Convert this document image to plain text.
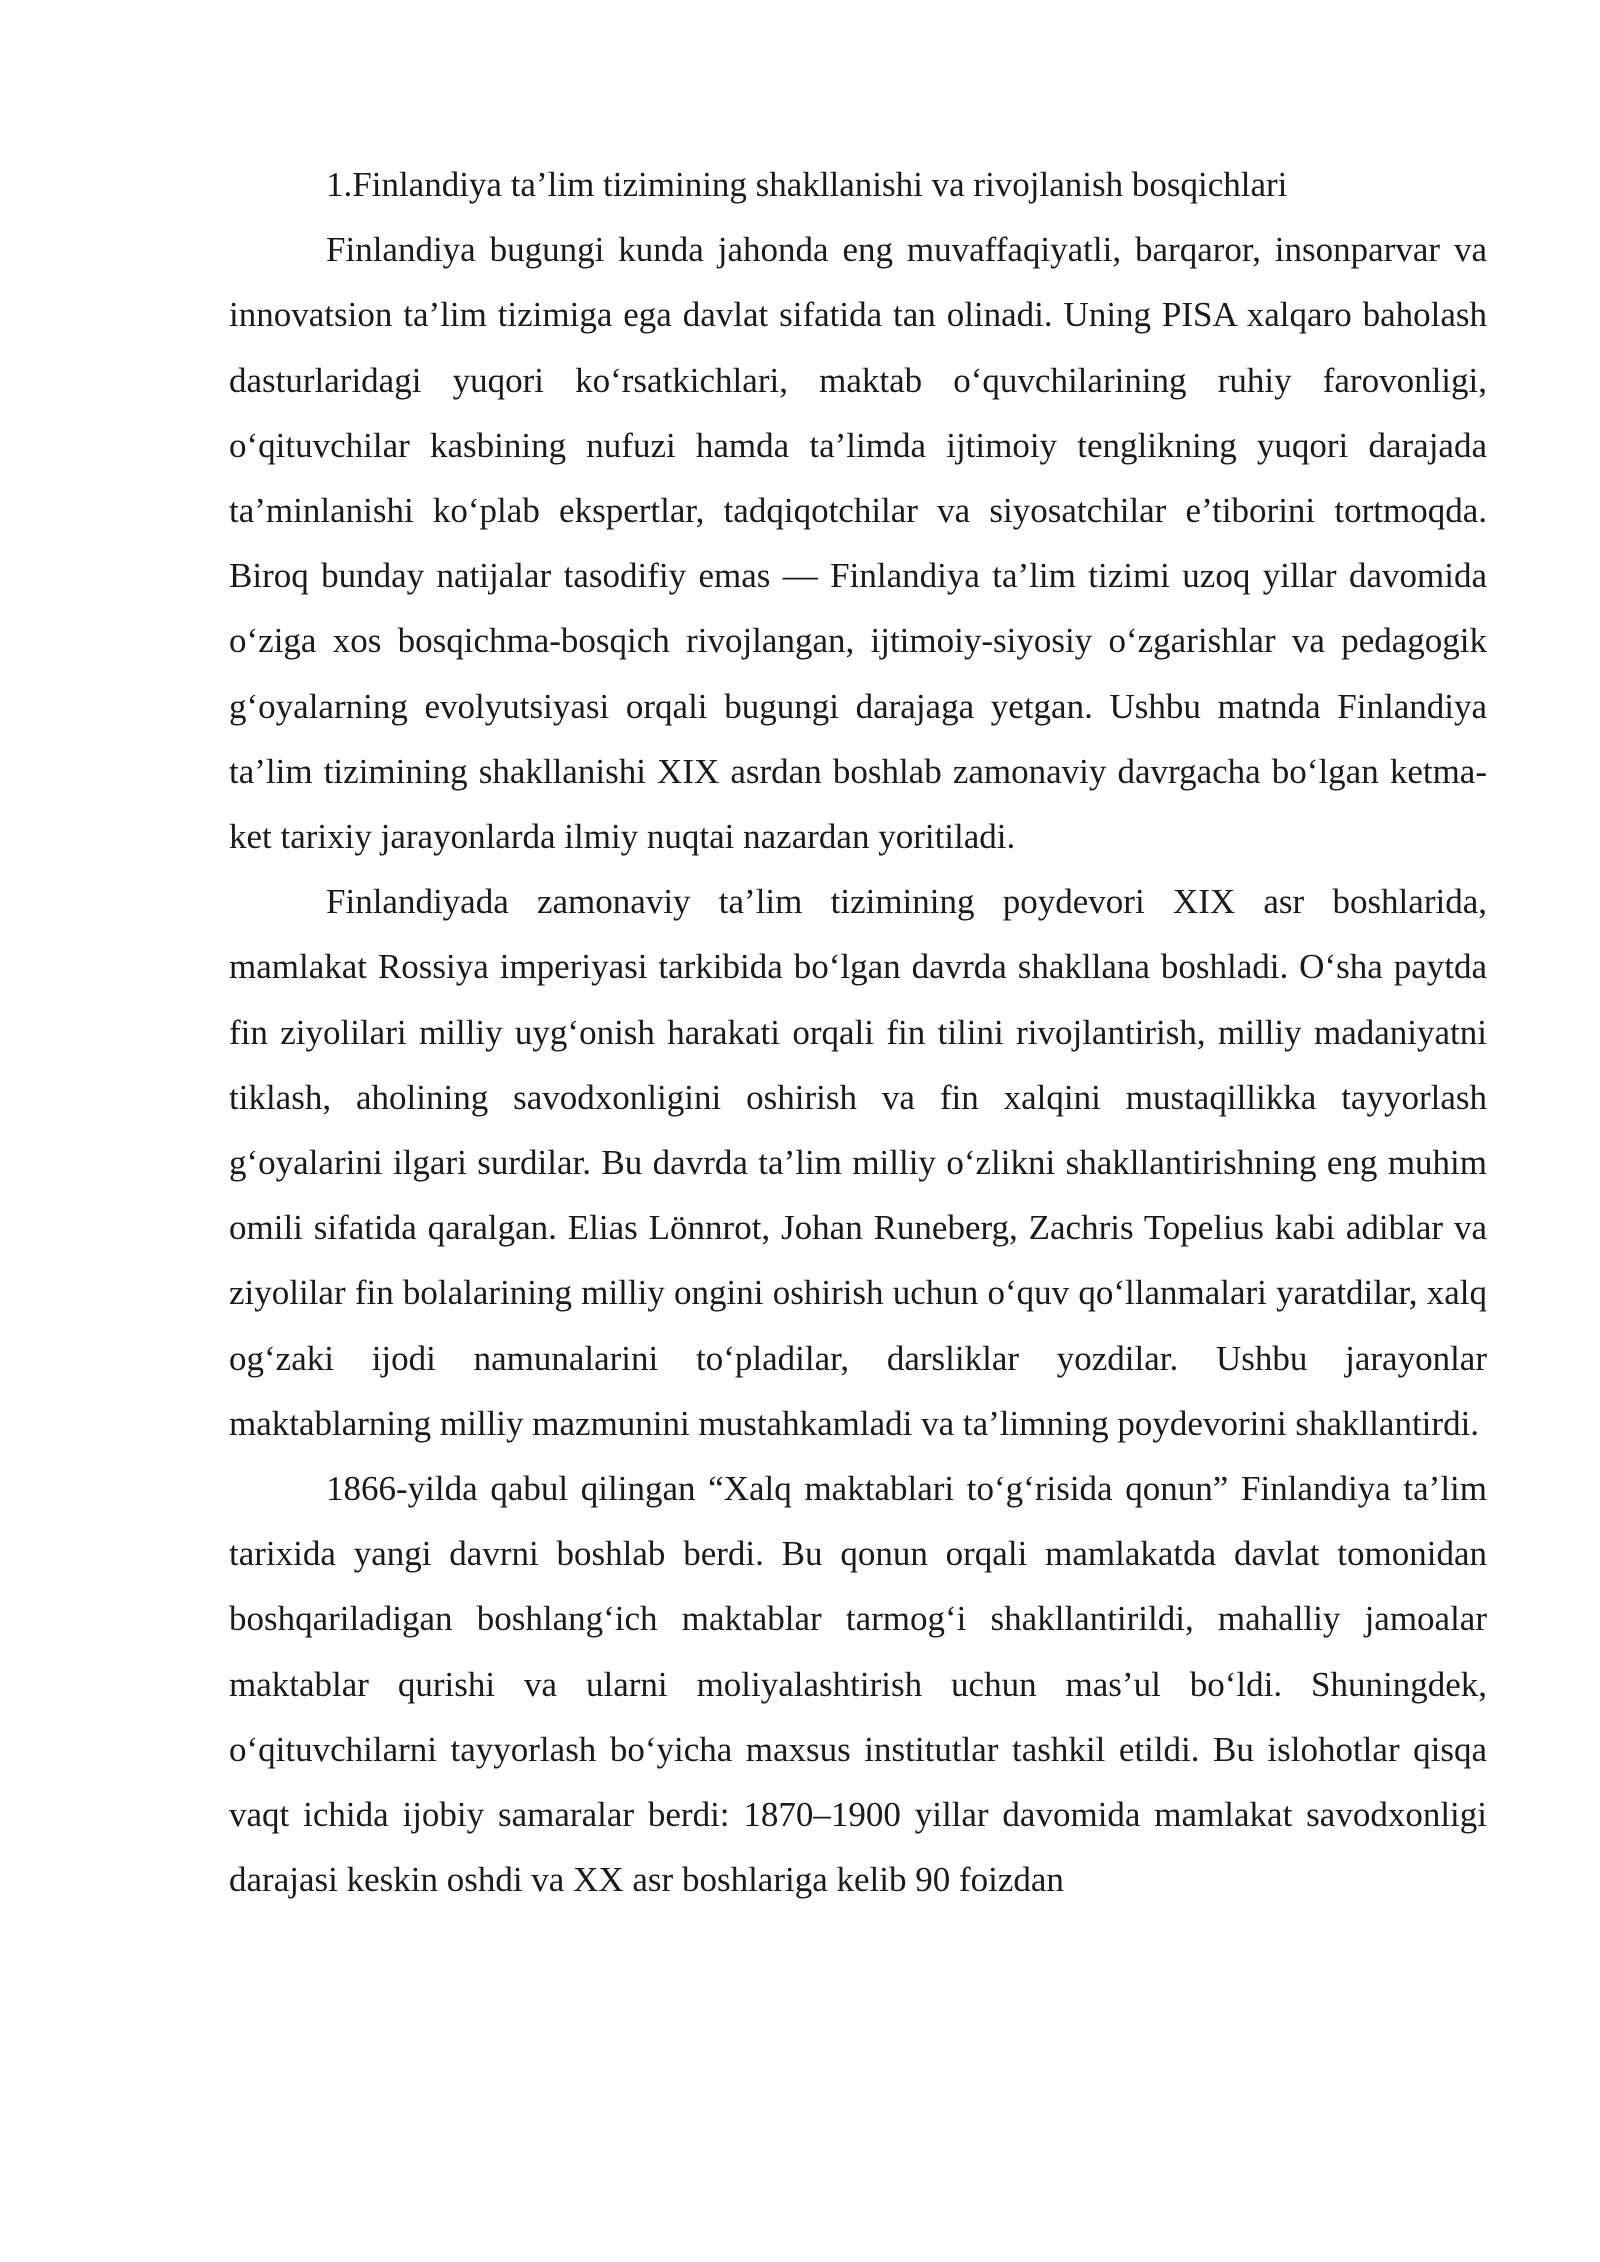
1.Finlandiya ta’lim tizimining shakllanishi va rivojlanish bosqichlari

Finlandiya bugungi kunda jahonda eng muvaffaqiyatli, barqaror, insonparvar va innovatsion ta’lim tizimiga ega davlat sifatida tan olinadi. Uning PISA xalqaro baholash dasturlaridagi yuqori ko‘rsatkichlari, maktab o‘quvchilarining ruhiy farovonligi, o‘qituvchilar kasbining nufuzi hamda ta’limda ijtimoiy tenglikning yuqori darajada ta’minlanishi ko‘plab ekspertlar, tadqiqotchilar va siyosatchilar e’tiborini tortmoqda. Biroq bunday natijalar tasodifiy emas — Finlandiya ta’lim tizimi uzoq yillar davomida o‘ziga xos bosqichma-bosqich rivojlangan, ijtimoiy-siyosiy o‘zgarishlar va pedagogik g‘oyalarning evolyutsiyasi orqali bugungi darajaga yetgan. Ushbu matnda Finlandiya ta’lim tizimining shakllanishi XIX asrdan boshlab zamonaviy davrgacha bo‘lgan ketma-ket tarixiy jarayonlarda ilmiy nuqtai nazardan yoritiladi.

Finlandiyada zamonaviy ta’lim tizimining poydevori XIX asr boshlarida, mamlakat Rossiya imperiyasi tarkibida bo‘lgan davrda shakllana boshladi. O‘sha paytda fin ziyolilari milliy uyg‘onish harakati orqali fin tilini rivojlantirish, milliy madaniyatni tiklash, aholining savodxonligini oshirish va fin xalqini mustaqillikka tayyorlash g‘oyalarini ilgari surdilar. Bu davrda ta’lim milliy o‘zlikni shakllantirishning eng muhim omili sifatida qaralgan. Elias Lönnrot, Johan Runeberg, Zachris Topelius kabi adiblar va ziyolilar fin bolalarining milliy ongini oshirish uchun o‘quv qo‘llanmalari yaratdilar, xalq og‘zaki ijodi namunalarini to‘pladilar, darsliklar yozdilar. Ushbu jarayonlar maktablarning milliy mazmunini mustahkamladi va ta’limning poydevorini shakllantirdi.

1866-yilda qabul qilingan “Xalq maktablari to‘g‘risida qonun” Finlandiya ta’lim tarixida yangi davrni boshlab berdi. Bu qonun orqali mamlakatda davlat tomonidan boshqariladigan boshlang‘ich maktablar tarmog‘i shakllantirildi, mahalliy jamoalar maktablar qurishi va ularni moliyalashtirish uchun mas’ul bo‘ldi. Shuningdek, o‘qituvchilarni tayyorlash bo‘yicha maxsus institutlar tashkil etildi. Bu islohotlar qisqa vaqt ichida ijobiy samaralar berdi: 1870–1900 yillar davomida mamlakat savodxonligi darajasi keskin oshdi va XX asr boshlariga kelib 90 foizdan
